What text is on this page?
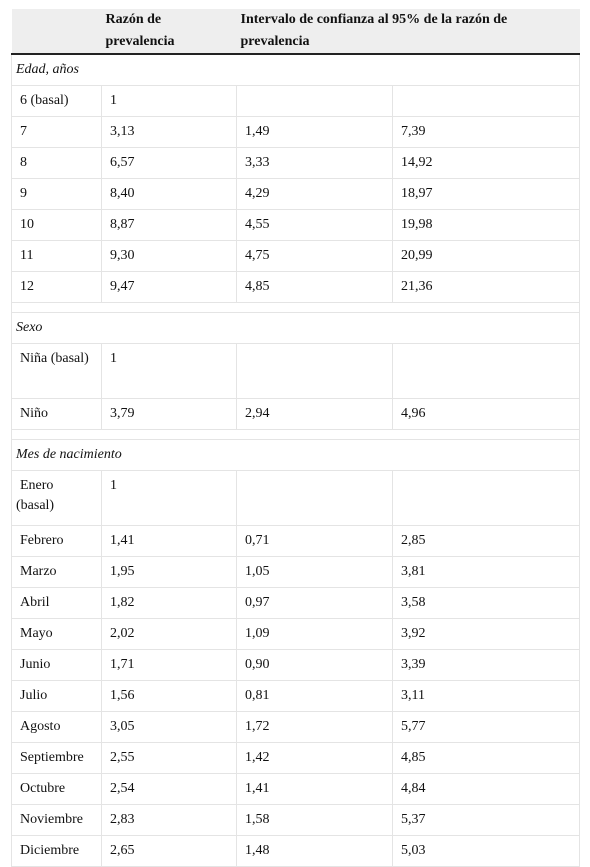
	Razón de prevalencia	Intervalo de confianza al 95% de la razón de prevalencia	
Edad, años			
6 (basal)	1		
7	3,13	1,49	7,39
8	6,57	3,33	14,92
9	8,40	4,29	18,97
10	8,87	4,55	19,98
11	9,30	4,75	20,99
12	9,47	4,85	21,36

Sexo			
Niña (basal)	1		
Niño	3,79	2,94	4,96

Mes de nacimiento			
Enero (basal)	1		
Febrero	1,41	0,71	2,85
Marzo	1,95	1,05	3,81
Abril	1,82	0,97	3,58
Mayo	2,02	1,09	3,92
Junio	1,71	0,90	3,39
Julio	1,56	0,81	3,11
Agosto	3,05	1,72	5,77
Septiembre	2,55	1,42	4,85
Octubre	2,54	1,41	4,84
Noviembre	2,83	1,58	5,37
Diciembre	2,65	1,48	5,03
